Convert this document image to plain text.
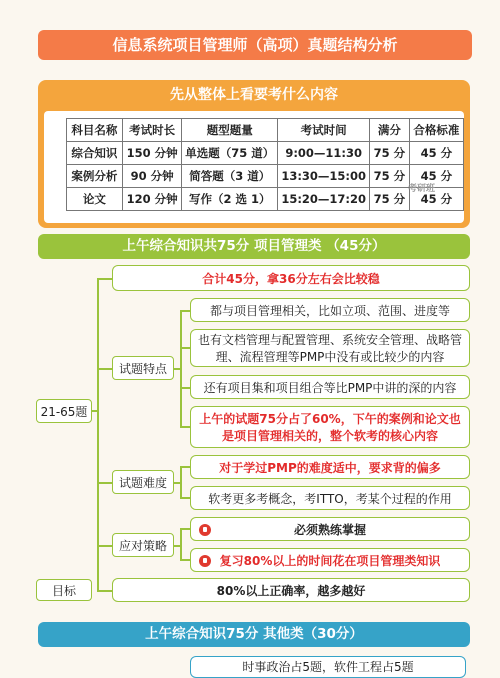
信息系统项目管理师（高项）真题结构分析
先从整体上看要考什么内容
科目名称	考试时长	题型题量	考试时间	满分	合格标准
综合知识	150 分钟	单选题（75 道）	9:00—11:30	75 分	45 分
案例分析	90 分钟	简答题（3 道）	13:30—15:00	75 分	45 分
论文	120 分钟	写作（2 选 1）	15:20—17:20	75 分	45 分
考研班
上午综合知识共75分 项目管理类 （45分）
21-65题
合计45分，拿36分左右会比较稳
试题特点
都与项目管理相关，比如立项、范围、进度等
也有文档管理与配置管理、系统安全管理、战略管理、流程管理等PMP中没有或比较少的内容
还有项目集和项目组合等比PMP中讲的深的内容
上午的试题75分占了60%，下午的案例和论文也是项目管理相关的，整个软考的核心内容
试题难度
对于学过PMP的难度适中，要求背的偏多
软考更多考概念，考ITTO，考某个过程的作用
应对策略
必须熟练掌握
复习80%以上的时间花在项目管理类知识
目标	80%以上正确率，越多越好
上午综合知识75分 其他类（30分）
时事政治占5题，软件工程占5题
